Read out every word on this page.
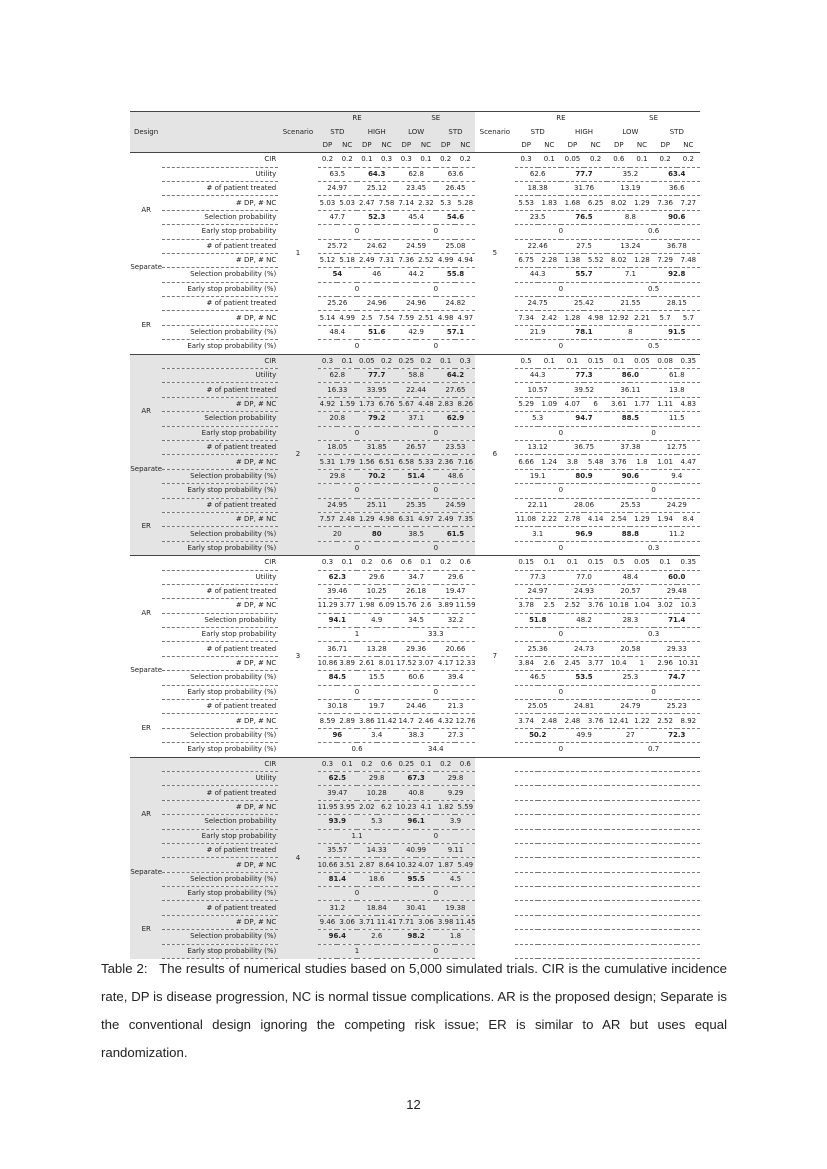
			RE				SE					RE				SE			
Design		Scenario	STD		HIGH		LOW		STD		Scenario	STD		HIGH		LOW		STD	
			DP	NC	DP	NC	DP	NC	DP	NC		DP	NC	DP	NC	DP	NC	DP	NC
	CIR	1	0.2	0.2	0.1	0.3	0.3	0.1	0.2	0.2	5	0.3	0.1	0.05	0.2	0.6	0.1	0.2	0.2
	Utility		63.5		64.3		62.8		63.6			62.6		77.7		35.2		63.4	
AR	# of patient treated		24.97		25.12		23.45		26.45			18.38		31.76		13.19		36.6	
	# DP, # NC		5.03	5.03	2.47	7.58	7.14	2.32	5.3	5.28		5.53	1.83	1.68	6.25	8.02	1.29	7.36	7.27
	Selection probability		47.7		52.3		45.4		54.6			23.5		76.5		8.8		90.6	
	Early stop probability		0				0					0				0.6			
Separate	# of patient treated		25.72		24.62		24.59		25.08			22.46		27.5		13.24		36.78	
	# DP, # NC		5.12	5.18	2.49	7.31	7.36	2.52	4.99	4.94		6.75	2.28	1.38	5.52	8.02	1.28	7.29	7.48
	Selection probability (%)		54		46		44.2		55.8			44.3		55.7		7.1		92.8	
	Early stop probability (%)		0				0					0				0.5			
ER	# of patient treated		25.26		24.96		24.96		24.82			24.75		25.42		21.55		28.15	
	# DP, # NC		5.14	4.99	2.5	7.54	7.59	2.51	4.98	4.97		7.34	2.42	1.28	4.98	12.92	2.21	5.7	5.7
	Selection probability (%)		48.4		51.6		42.9		57.1			21.9		78.1		8		91.5	
	Early stop probability (%)		0				0					0				0.5			
	CIR	2	0.3	0.1	0.05	0.2	0.25	0.2	0.1	0.3	6	0.5	0.1	0.1	0.15	0.1	0.05	0.08	0.35
	Utility		62.8		77.7		58.8		64.2			44.3		77.3		86.0		61.8	
AR	# of patient treated		16.33		33.95		22.44		27.65			10.57		39.52		36.11		13.8	
	# DP, # NC		4.92	1.59	1.73	6.76	5.67	4.48	2.83	8.26		5.29	1.09	4.07	6	3.61	1.77	1.11	4.83
	Selection probability		20.8		79.2		37.1		62.9			5.3		94.7		88.5		11.5	
	Early stop probability		0				0					0				0			
Separate	# of patient treated		18.05		31.85		26.57		23.53			13.12		36.75		37.38		12.75	
	# DP, # NC		5.31	1.79	1.56	6.51	6.58	5.33	2.36	7.16		6.66	1.24	3.8	5.48	3.76	1.8	1.01	4.47
	Selection probability (%)		29.8		70.2		51.4		48.6			19.1		80.9		90.6		9.4	
	Early stop probability (%)		0				0					0				0			
ER	# of patient treated		24.95		25.11		25.35		24.59			22.11		28.06		25.53		24.29	
	# DP, # NC		7.57	2.48	1.29	4.98	6.31	4.97	2.49	7.35		11.08	2.22	2.78	4.14	2.54	1.29	1.94	8.4
	Selection probability (%)		20		80		38.5		61.5			3.1		96.9		88.8		11.2	
	Early stop probability (%)		0				0					0				0.3			
	CIR	3	0.3	0.1	0.2	0.6	0.6	0.1	0.2	0.6	7	0.15	0.1	0.1	0.15	0.5	0.05	0.1	0.35
	Utility		62.3		29.6		34.7		29.6			77.3		77.0		48.4		60.0	
AR	# of patient treated		39.46		10.25		26.18		19.47			24.97		24.93		20.57		29.48	
	# DP, # NC		11.29	3.77	1.98	6.09	15.76	2.6	3.89	11.59		3.78	2.5	2.52	3.76	10.18	1.04	3.02	10.3
	Selection probability		94.1		4.9		34.5		32.2			51.8		48.2		28.3		71.4	
	Early stop probability		1				33.3					0				0.3			
Separate	# of patient treated		36.71		13.28		29.36		20.66			25.36		24.73		20.58		29.33	
	# DP, # NC		10.86	3.89	2.61	8.01	17.52	3.07	4.17	12.33		3.84	2.6	2.45	3.77	10.4	1	2.96	10.31
	Selection probability (%)		84.5		15.5		60.6		39.4			46.5		53.5		25.3		74.7	
	Early stop probability (%)		0				0					0				0			
ER	# of patient treated		30.18		19.7		24.46		21.3			25.05		24.81		24.79		25.23	
	# DP, # NC		8.59	2.89	3.86	11.42	14.7	2.46	4.32	12.76		3.74	2.48	2.48	3.76	12.41	1.22	2.52	8.92
	Selection probability (%)		96		3.4		38.3		27.3			50.2		49.9		27		72.3	
	Early stop probability (%)		0.6				34.4					0				0.7			
	CIR	4	0.3	0.1	0.2	0.6	0.25	0.1	0.2	0.6									
	Utility		62.5		29.8		67.3		29.8										
AR	# of patient treated		39.47		10.28		40.8		9.29										
	# DP, # NC		11.95	3.95	2.02	6.2	10.23	4.1	1.82	5.59									
	Selection probability		93.9		5.3		96.1		3.9										
	Early stop probability		1.1				0												
Separate	# of patient treated		35.57		14.33		40.99		9.11										
	# DP, # NC		10.66	3.51	2.87	8.64	10.32	4.07	1.87	5.49									
	Selection probability (%)		81.4		18.6		95.5		4.5										
	Early stop probability (%)		0				0												
ER	# of patient treated		31.2		18.84		30.41		19.38										
	# DP, # NC		9.46	3.06	3.71	11.41	7.71	3.06	3.98	11.45									
	Selection probability (%)		96.4		2.6		98.2		1.8										
	Early stop probability (%)		1				0												
Table 2: The results of numerical studies based on 5,000 simulated trials. CIR is the cumulative incidence rate, DP is disease progression, NC is normal tissue complications. AR is the proposed design; Separate is the conventional design ignoring the competing risk issue; ER is similar to AR but uses equal randomization.
12
